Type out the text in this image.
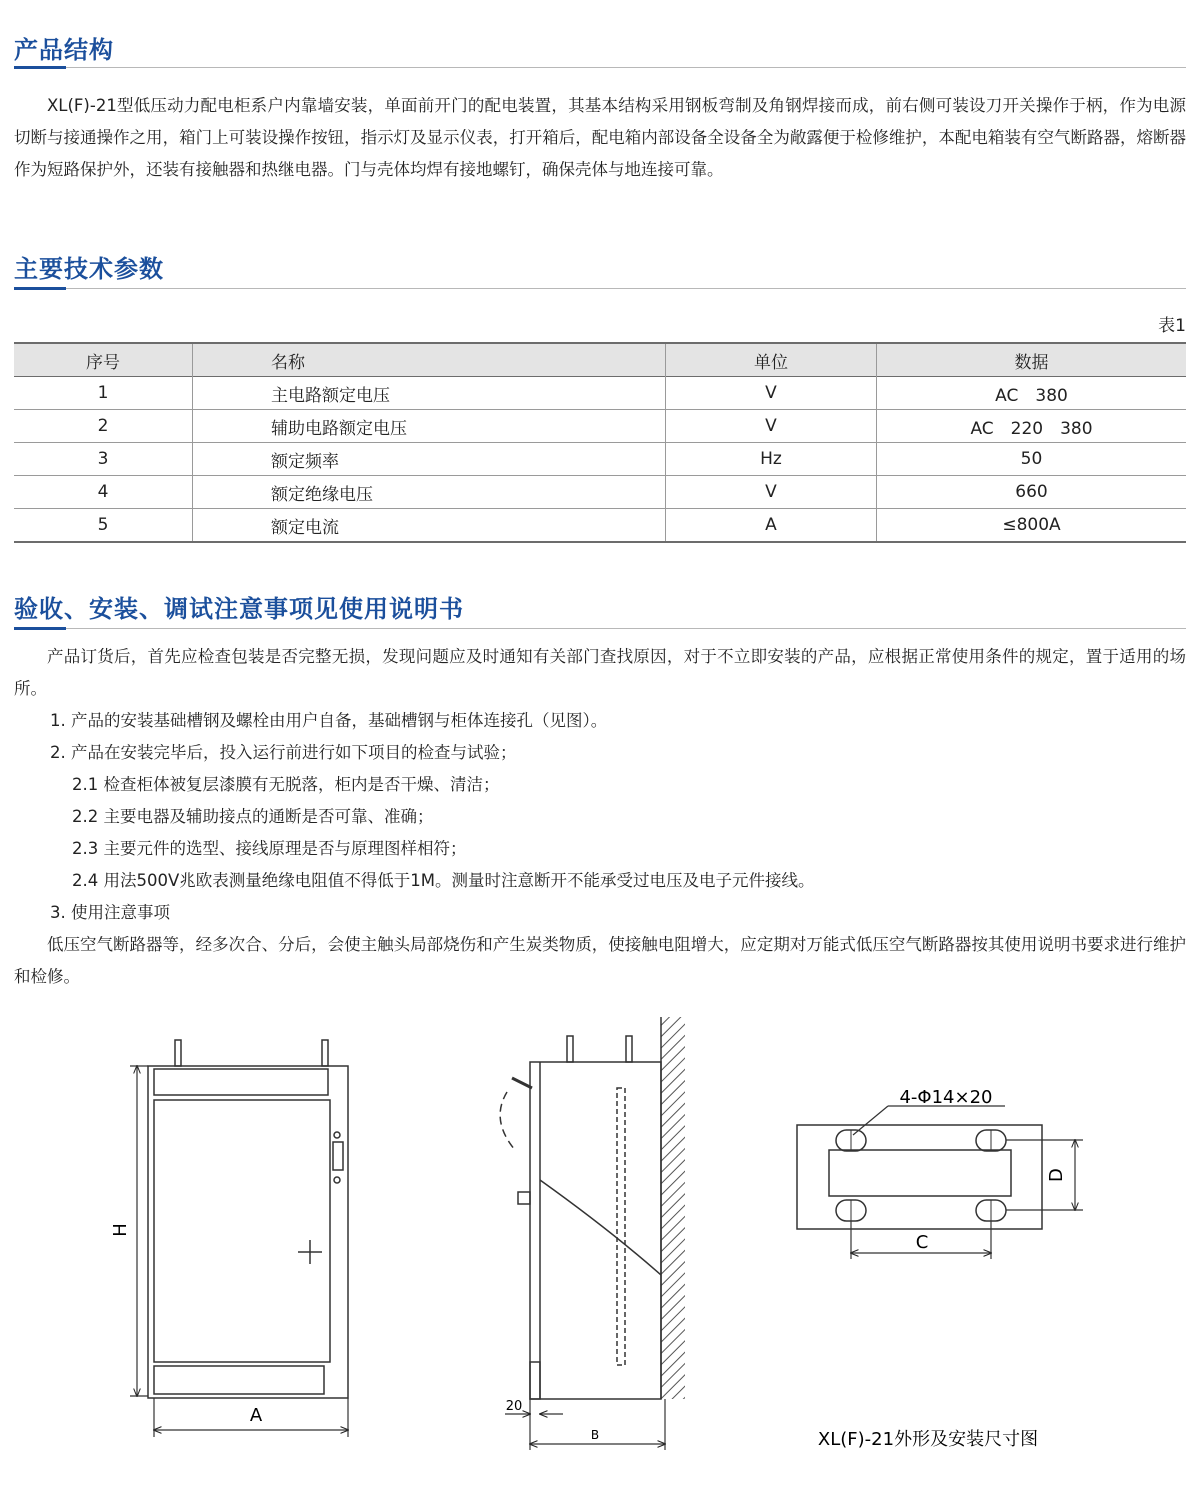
产品结构

XL(F)-21型低压动力配电柜系户内靠墙安装，单面前开门的配电装置，其基本结构采用钢板弯制及角钢焊接而成，前右侧可装设刀开关操作于柄，作为电源切断与接通操作之用，箱门上可装设操作按钮，指示灯及显示仪表，打开箱后，配电箱内部设备全设备全为敞露便于检修维护，本配电箱装有空气断路器，熔断器作为短路保护外，还装有接触器和热继电器。门与壳体均焊有接地螺钉，确保壳体与地连接可靠。

主要技术参数
表1
序号	名称	单位	数据
1	主电路额定电压	V	AC　380
2	辅助电路额定电压	V	AC　220　380
3	额定频率	Hz	50
4	额定绝缘电压	V	660
5	额定电流	A	≤800A
验收、安装、调试注意事项见使用说明书

产品订货后，首先应检查包装是否完整无损，发现问题应及时通知有关部门查找原因，对于不立即安装的产品，应根据正常使用条件的规定，置于适用的场所。

1. 产品的安装基础槽钢及螺栓由用户自备，基础槽钢与柜体连接孔（见图）。

2. 产品在安装完毕后，投入运行前进行如下项目的检查与试验；

2.1 检查柜体被复层漆膜有无脱落，柜内是否干燥、清洁；

2.2 主要电器及辅助接点的通断是否可靠、准确；

2.3 主要元件的选型、接线原理是否与原理图样相符；

2.4 用法500V兆欧表测量绝缘电阻值不得低于1M。测量时注意断开不能承受过电压及电子元件接线。

3. 使用注意事项

低压空气断路器等，经多次合、分后，会使主触头局部烧伤和产生炭类物质，使接触电阻增大，应定期对万能式低压空气断路器按其使用说明书要求进行维护和检修。

H
A	20
B
4-Φ14×20
C
D
XL(F)-21外形及安装尺寸图
